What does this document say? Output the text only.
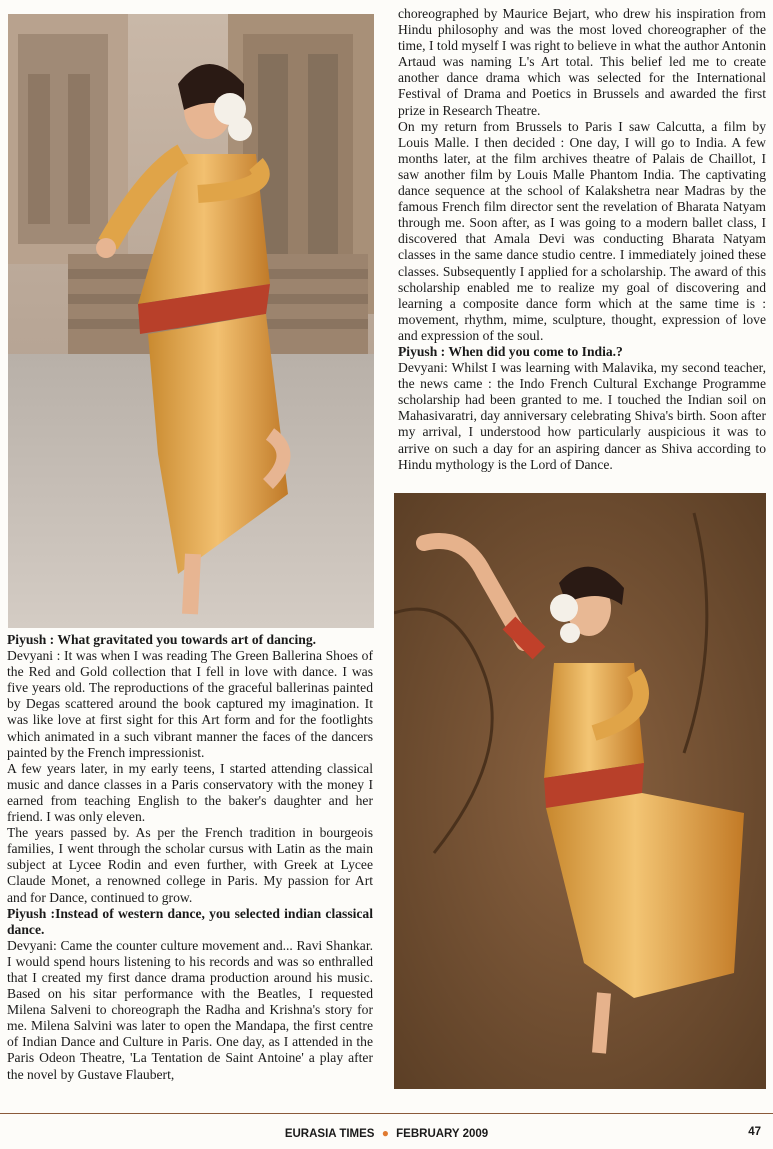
choreographed by Maurice Bejart, who drew his inspiration from Hindu philosophy and was the most loved choreographer of the time, I told myself I was right to believe in what the author Antonin Artaud was naming L's Art total. This belief led me to create another dance drama which was selected for the International Festival of Drama and Poetics in Brussels and awarded the first prize in Research Theatre.

On my return from Brussels to Paris I saw Calcutta, a film by Louis Malle. I then decided : One day, I will go to India. A few months later, at the film archives theatre of Palais de Chaillot, I saw another film by Louis Malle Phantom India. The captivating dance sequence at the school of Kalakshetra near Madras by the famous French film director sent the revelation of Bharata Natyam through me. Soon after, as I was going to a modern ballet class, I discovered that Amala Devi was conducting Bharata Natyam classes in the same dance studio centre. I immediately joined these classes. Subsequently I applied for a scholarship. The award of this scholarship enabled me to realize my goal of discovering and learning a composite dance form which at the same time is : movement, rhythm, mime, sculpture, thought, expression of love and expression of the soul.

Piyush : When did you come to India.?

Devyani: Whilst I was learning with Malavika, my second teacher, the news came : the Indo French Cultural Exchange Programme scholarship had been granted to me. I touched the Indian soil on Mahasivaratri, day anniversary celebrating Shiva's birth. Soon after my arrival, I understood how particularly auspicious it was to arrive on such a day for an aspiring dancer as Shiva according to Hindu mythology is the Lord of Dance.

Piyush : What gravitated you towards art of dancing.

Devyani : It was when I was reading The Green Ballerina Shoes of the Red and Gold collection that I fell in love with dance. I was five years old. The reproductions of the graceful ballerinas painted by Degas scattered around the book captured my imagination. It was like love at first sight for this Art form and for the footlights which animated in a such vibrant manner the faces of the dancers painted by the French impressionist.

A few years later, in my early teens, I started attending classical music and dance classes in a Paris conservatory with the money I earned from teaching English to the baker's daughter and her friend. I was only eleven.

The years passed by. As per the French tradition in bourgeois families, I went through the scholar cursus with Latin as the main subject at Lycee Rodin and even further, with Greek at Lycee Claude Monet, a renowned college in Paris. My passion for Art and for Dance, continued to grow.

Piyush :Instead of western dance, you selected indian classical dance.

Devyani: Came the counter culture movement and... Ravi Shankar. I would spend hours listening to his records and was so enthralled that I created my first dance drama production around his music. Based on his sitar performance with the Beatles, I requested Milena Salveni to choreograph the Radha and Krishna's story for me. Milena Salvini was later to open the Mandapa, the first centre of Indian Dance and Culture in Paris. One day, as I attended in the Paris Odeon Theatre, 'La Tentation de Saint Antoine' a play after the novel by Gustave Flaubert,

EURASIA TIMES ● FEBRUARY 2009	47
